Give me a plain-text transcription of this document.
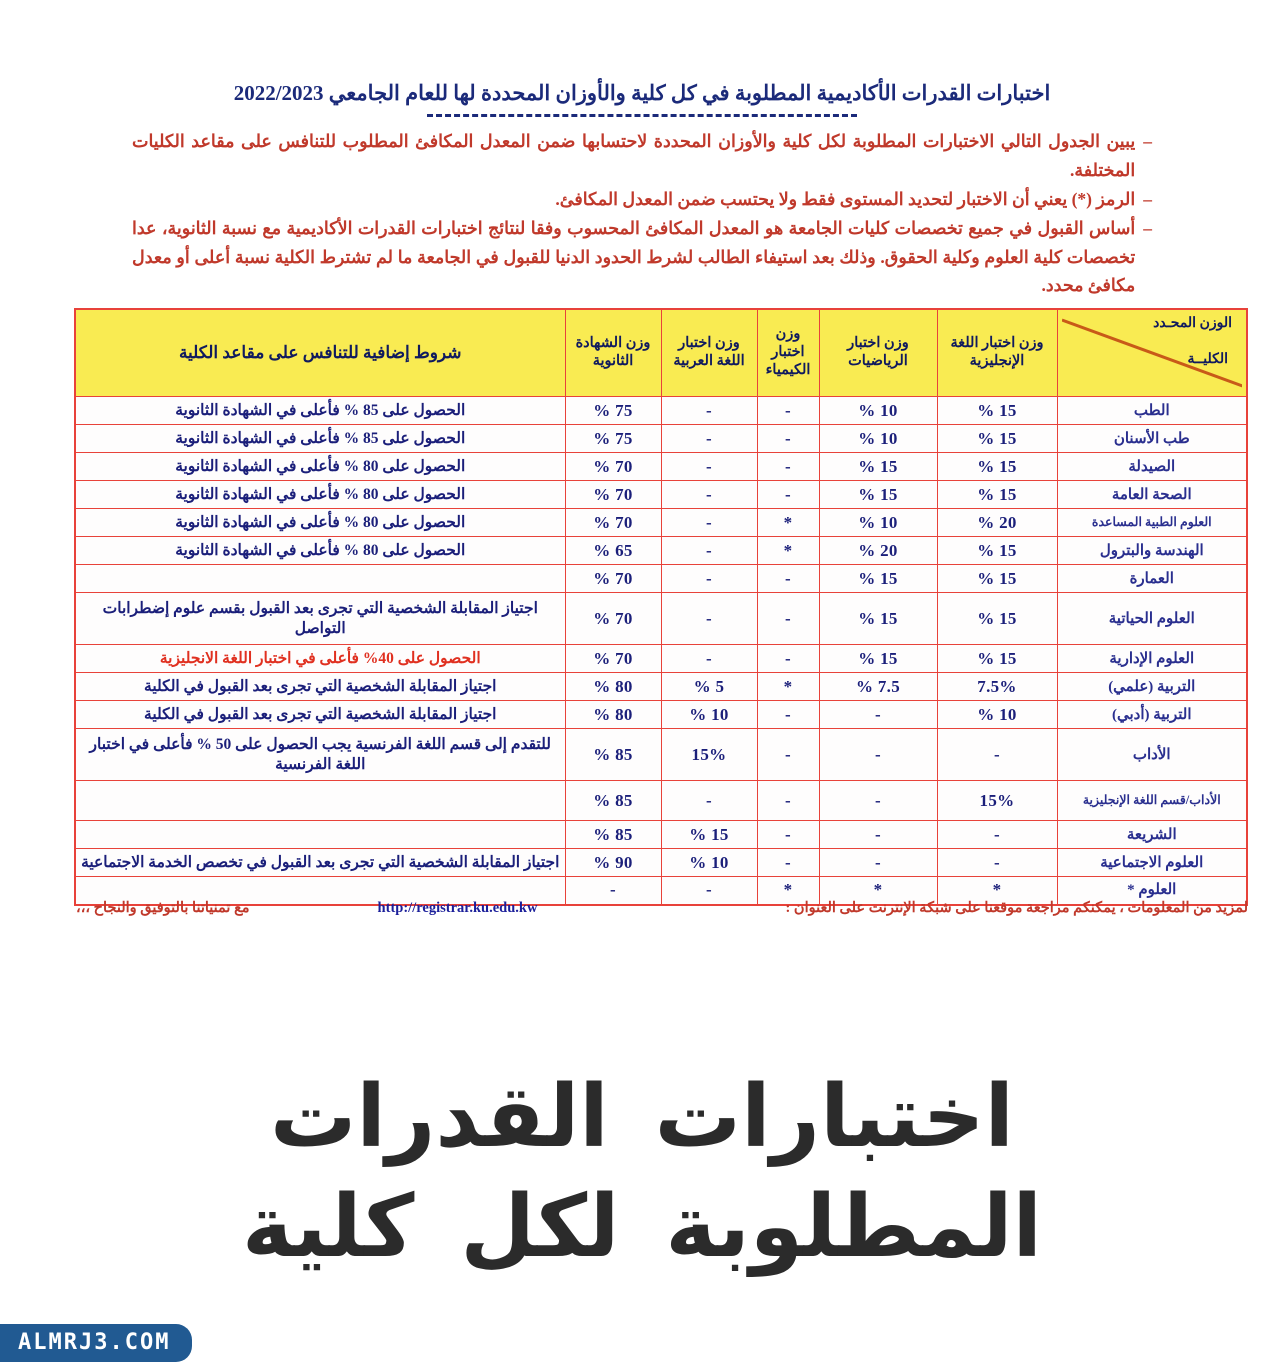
اختبارات القدرات الأكاديمية المطلوبة في كل كلية والأوزان المحددة لها للعام الجامعي 2022/2023
–
يبين الجدول التالي الاختبارات المطلوبة لكل كلية والأوزان المحددة لاحتسابها ضمن المعدل المكافئ المطلوب للتنافس على مقاعد الكليات المختلفة.
–
الرمز (*) يعني أن الاختبار لتحديد المستوى فقط ولا يحتسب ضمن المعدل المكافئ.
–
أساس القبول في جميع تخصصات كليات الجامعة هو المعدل المكافئ المحسوب وفقا لنتائج اختبارات القدرات الأكاديمية مع نسبة الثانوية، عدا تخصصات كلية العلوم وكلية الحقوق. وذلك بعد استيفاء الطالب لشرط الحدود الدنيا للقبول في الجامعة ما لم تشترط الكلية نسبة أعلى أو معدل مكافئ محدد.
الوزن المحـدد
الكليــة	وزن اختبار اللغة الإنجليزية	وزن اختبار الرياضيات	وزن اختبار الكيمياء	وزن اختبار اللغة العربية	وزن الشهادة الثانوية	شروط إضافية للتنافس على مقاعد الكلية
الطب	15 %	10 %	-	-	75 %	الحصول على 85 % فأعلى في الشهادة الثانوية
طب الأسنان	15 %	10 %	-	-	75 %	الحصول على 85 % فأعلى في الشهادة الثانوية
الصيدلة	15 %	15 %	-	-	70 %	الحصول على 80 % فأعلى في الشهادة الثانوية
الصحة العامة	15 %	15 %	-	-	70 %	الحصول على 80 % فأعلى في الشهادة الثانوية
العلوم الطبية المساعدة	20 %	10 %	*	-	70 %	الحصول على 80 % فأعلى في الشهادة الثانوية
الهندسة والبترول	15 %	20 %	*	-	65 %	الحصول على 80 % فأعلى في الشهادة الثانوية
العمارة	15 %	15 %	-	-	70 %	
العلوم الحياتية	15 %	15 %	-	-	70 %	اجتياز المقابلة الشخصية التي تجرى بعد القبول بقسم علوم إضطرابات التواصل
العلوم الإدارية	15 %	15 %	-	-	70 %	الحصول على 40% فأعلى في اختبار اللغة الانجليزية
التربية (علمي)	7.5%	7.5 %	*	5 %	80 %	اجتياز المقابلة الشخصية التي تجرى بعد القبول في الكلية
التربية (أدبي)	10 %	-	-	10 %	80 %	اجتياز المقابلة الشخصية التي تجرى بعد القبول في الكلية
الأداب	-	-	-	15%	85 %	للتقدم إلى قسم اللغة الفرنسية يجب الحصول على 50 % فأعلى في اختبار اللغة الفرنسية
الأداب/قسم اللغة الإنجليزية	15%	-	-	-	85 %	
الشريعة	-	-	-	15 %	85 %	
العلوم الاجتماعية	-	-	-	10 %	90 %	اجتياز المقابلة الشخصية التي تجرى بعد القبول في تخصص الخدمة الاجتماعية
العلوم *	*	*	*	-	-	
لمزيد من المعلومات ، يمكنكم مراجعة موقعنا على شبكة الإنترنت على العنوان :
http://registrar.ku.edu.kw
مع تمنياتنا بالتوفيق والنجاح ،،،
اختبارات القدرات المطلوبة لكل كلية
ALMRJ3.COM
